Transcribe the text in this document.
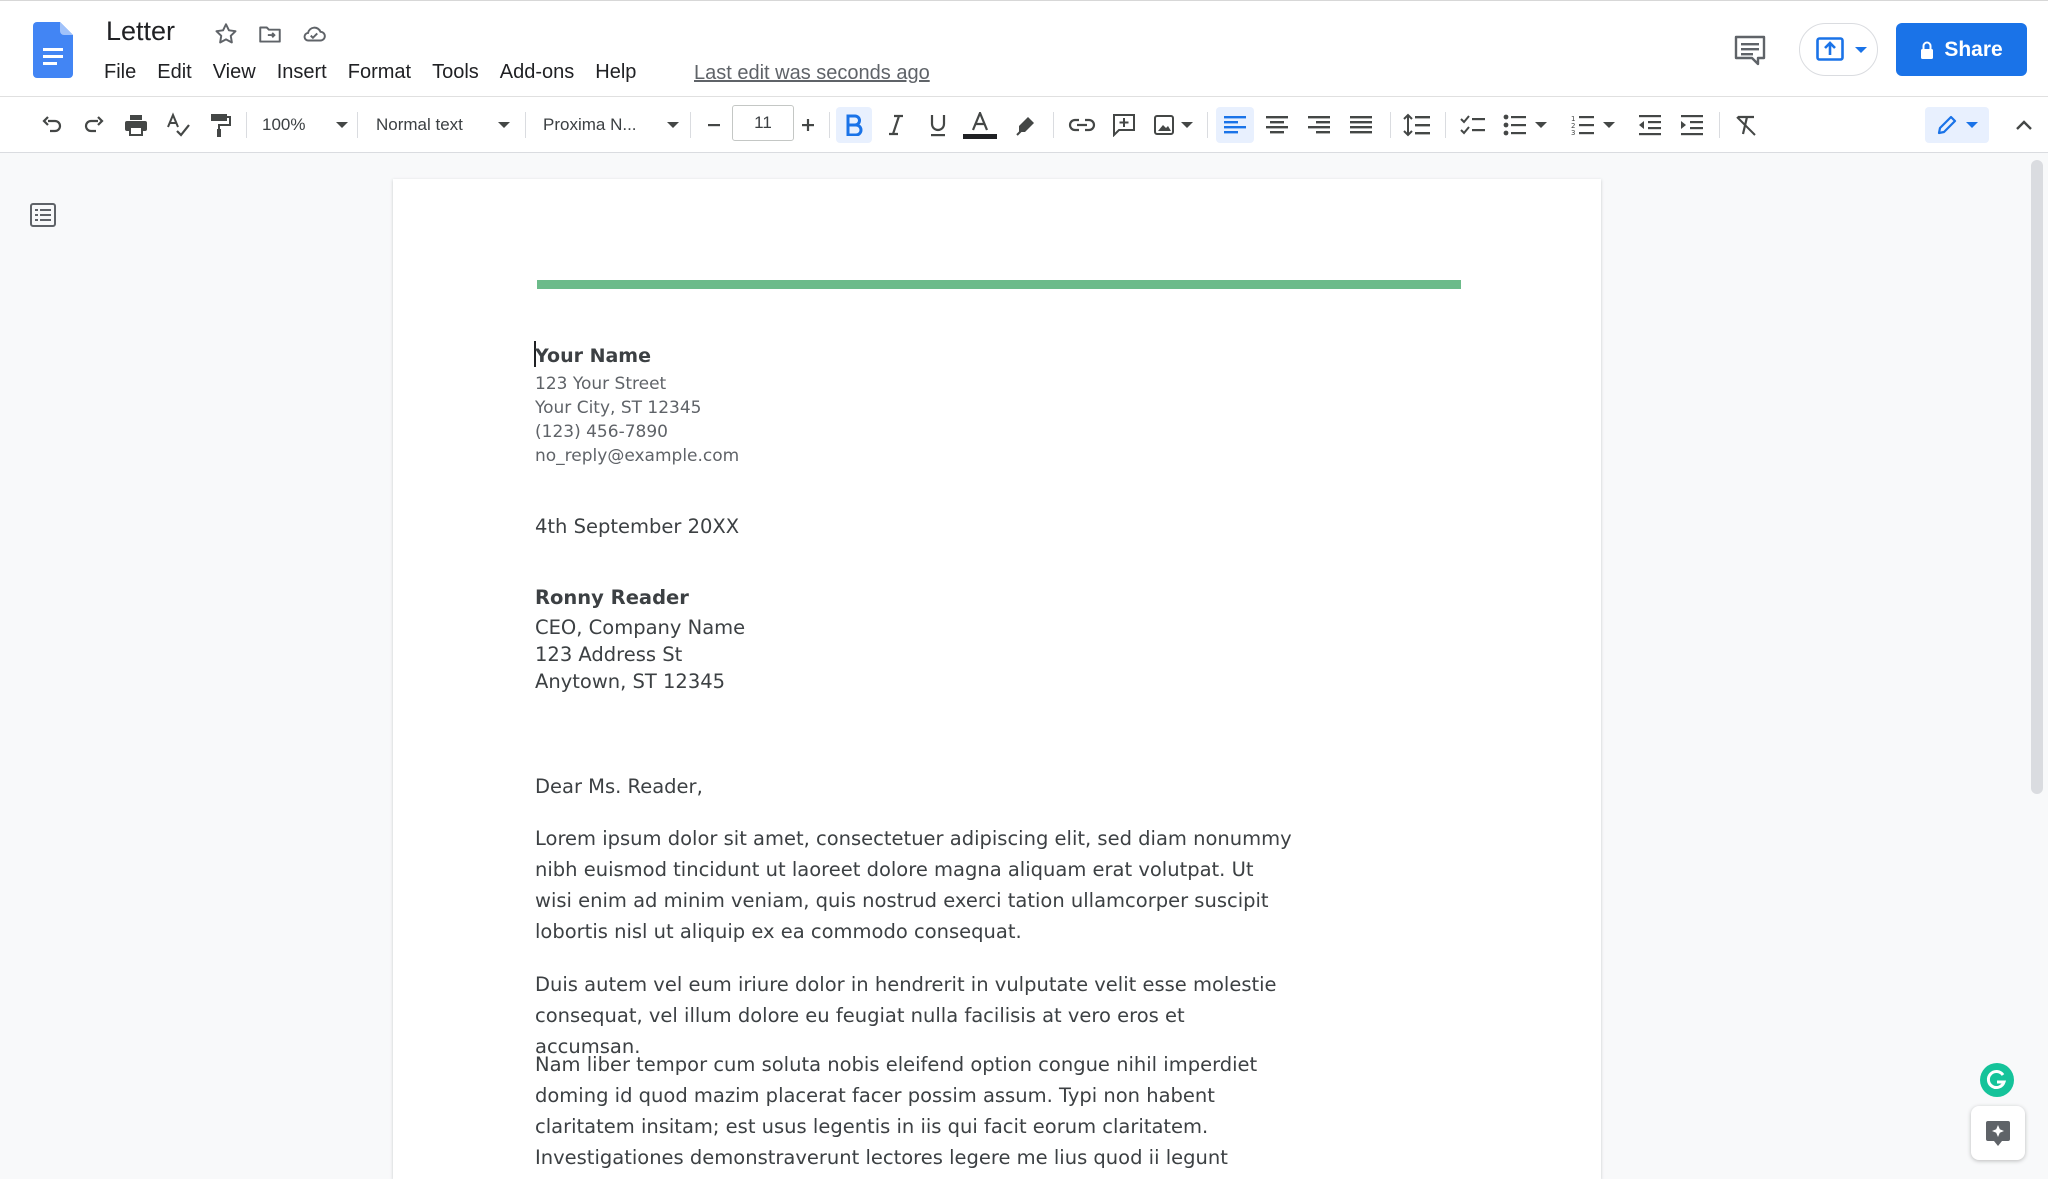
Letter
File	Edit	View	Insert	Format	Tools	Add-ons	Help	Last edit was seconds ago
Share
100%	Normal text	Proxima N...	1
2
3
11
Your Name
123 Your Street
Your City, ST 12345
(123) 456-7890
no_reply@example.com
4th September 20XX
Ronny Reader
CEO, Company Name
123 Address St
Anytown, ST 12345
Dear Ms. Reader,
Lorem ipsum dolor sit amet, consectetuer adipiscing elit, sed diam nonummy nibh euismod tincidunt ut laoreet dolore magna aliquam erat volutpat. Ut wisi enim ad minim veniam, quis nostrud exerci tation ullamcorper suscipit lobortis nisl ut aliquip ex ea commodo consequat.
Duis autem vel eum iriure dolor in hendrerit in vulputate velit esse molestie consequat, vel illum dolore eu feugiat nulla facilisis at vero eros et accumsan.
Nam liber tempor cum soluta nobis eleifend option congue nihil imperdiet doming id quod mazim placerat facer possim assum. Typi non habent claritatem insitam; est usus legentis in iis qui facit eorum claritatem. Investigationes demonstraverunt lectores legere me lius quod ii legunt
